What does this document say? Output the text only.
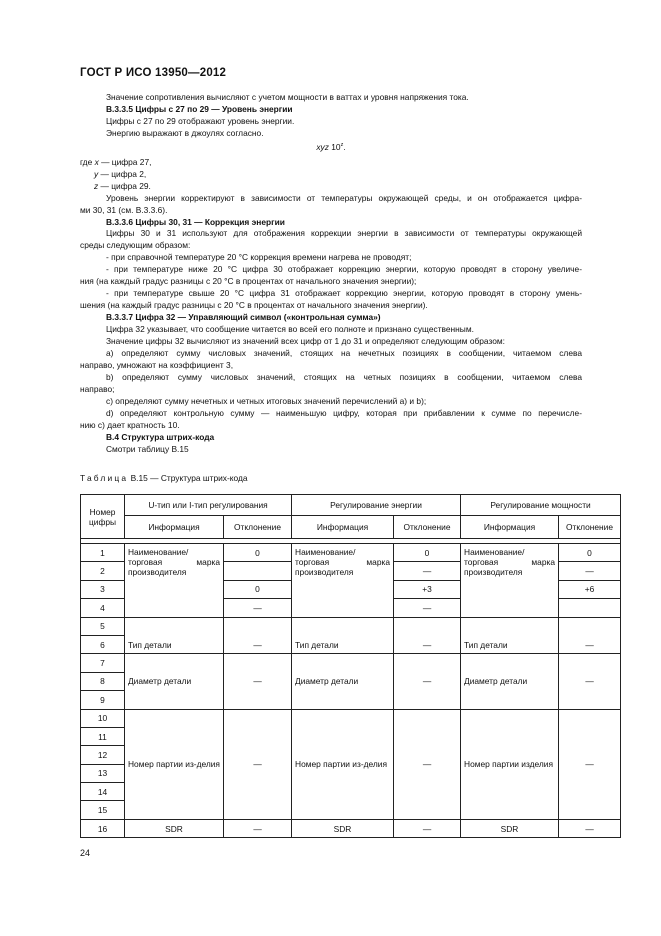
ГОСТ Р ИСО 13950—2012

Значение сопротивления вычисляют с учетом мощности в ваттах и уровня напряжения тока.

В.3.3.5 Цифры с 27 по 29 — Уровень энергии

Цифры с 27 по 29 отображают уровень энергии.

Энергию выражают в джоулях согласно.

xyz 10$^z$.

где x — цифра 27,

y — цифра 2,

z — цифра 29.

Уровень энергии корректируют в зависимости от температуры окружающей среды, и он отображается цифра-

ми 30, 31 (см. В.3.3.6).

В.3.3.6 Цифры 30, 31 — Коррекция энергии

Цифры 30 и 31 используют для отображения коррекции энергии в зависимости от температуры окружающей

среды следующим образом:

- при справочной температуре 20 °С коррекция времени нагрева не проводят;

- при температуре ниже 20 °С цифра 30 отображает коррекцию энергии, которую проводят в сторону увеличе-

ния (на каждый градус разницы с 20 °С в процентах от начального значения энергии);

- при температуре свыше 20 °С цифра 31 отображает коррекцию энергии, которую проводят в сторону умень-

шения (на каждый градус разницы с 20 °С в процентах от начального значения энергии).

В.3.3.7 Цифра 32 — Управляющий символ («контрольная сумма»)

Цифра 32 указывает, что сообщение читается во всей его полноте и признано существенным.

Значение цифры 32 вычисляют из значений всех цифр от 1 до 31 и определяют следующим образом:

a) определяют сумму числовых значений, стоящих на нечетных позициях в сообщении, читаемом слева

направо, умножают на коэффициент 3,

b) определяют сумму числовых значений, стоящих на четных позициях в сообщении, читаемом слева

направо;

c) определяют сумму нечетных и четных итоговых значений перечислений a) и b);

d) определяют контрольную сумму — наименьшую цифру, которая при прибавлении к сумме по перечисле-

нию c) дает кратность 10.

В.4 Структура штрих-кода

Смотри таблицу В.15

Таблица В.15 — Структура штрих-кода
Номер цифры	U-тип или I-тип регулирования		Регулирование энергии		Регулирование мощности	
	Информация	Отклонение	Информация	Отклонение	Информация	Отклонение

1	Наименование/ торговая марка производителя	0	Наименование/ торговая марка производителя	0	Наименование/ торговая марка производителя	0
2				—		—
3		0		+3		+6
4		—		—		
5	Тип детали	—	Тип детали	—	Тип детали	—
6						
7	Диаметр детали	—	Диаметр детали	—	Диаметр детали	—
8						
9						
10	Номер партии из-делия	—	Номер партии из-делия	—	Номер партии изделия	—
11						
12						
13						
14						
15						
16	SDR	—	SDR	—	SDR	—
24
